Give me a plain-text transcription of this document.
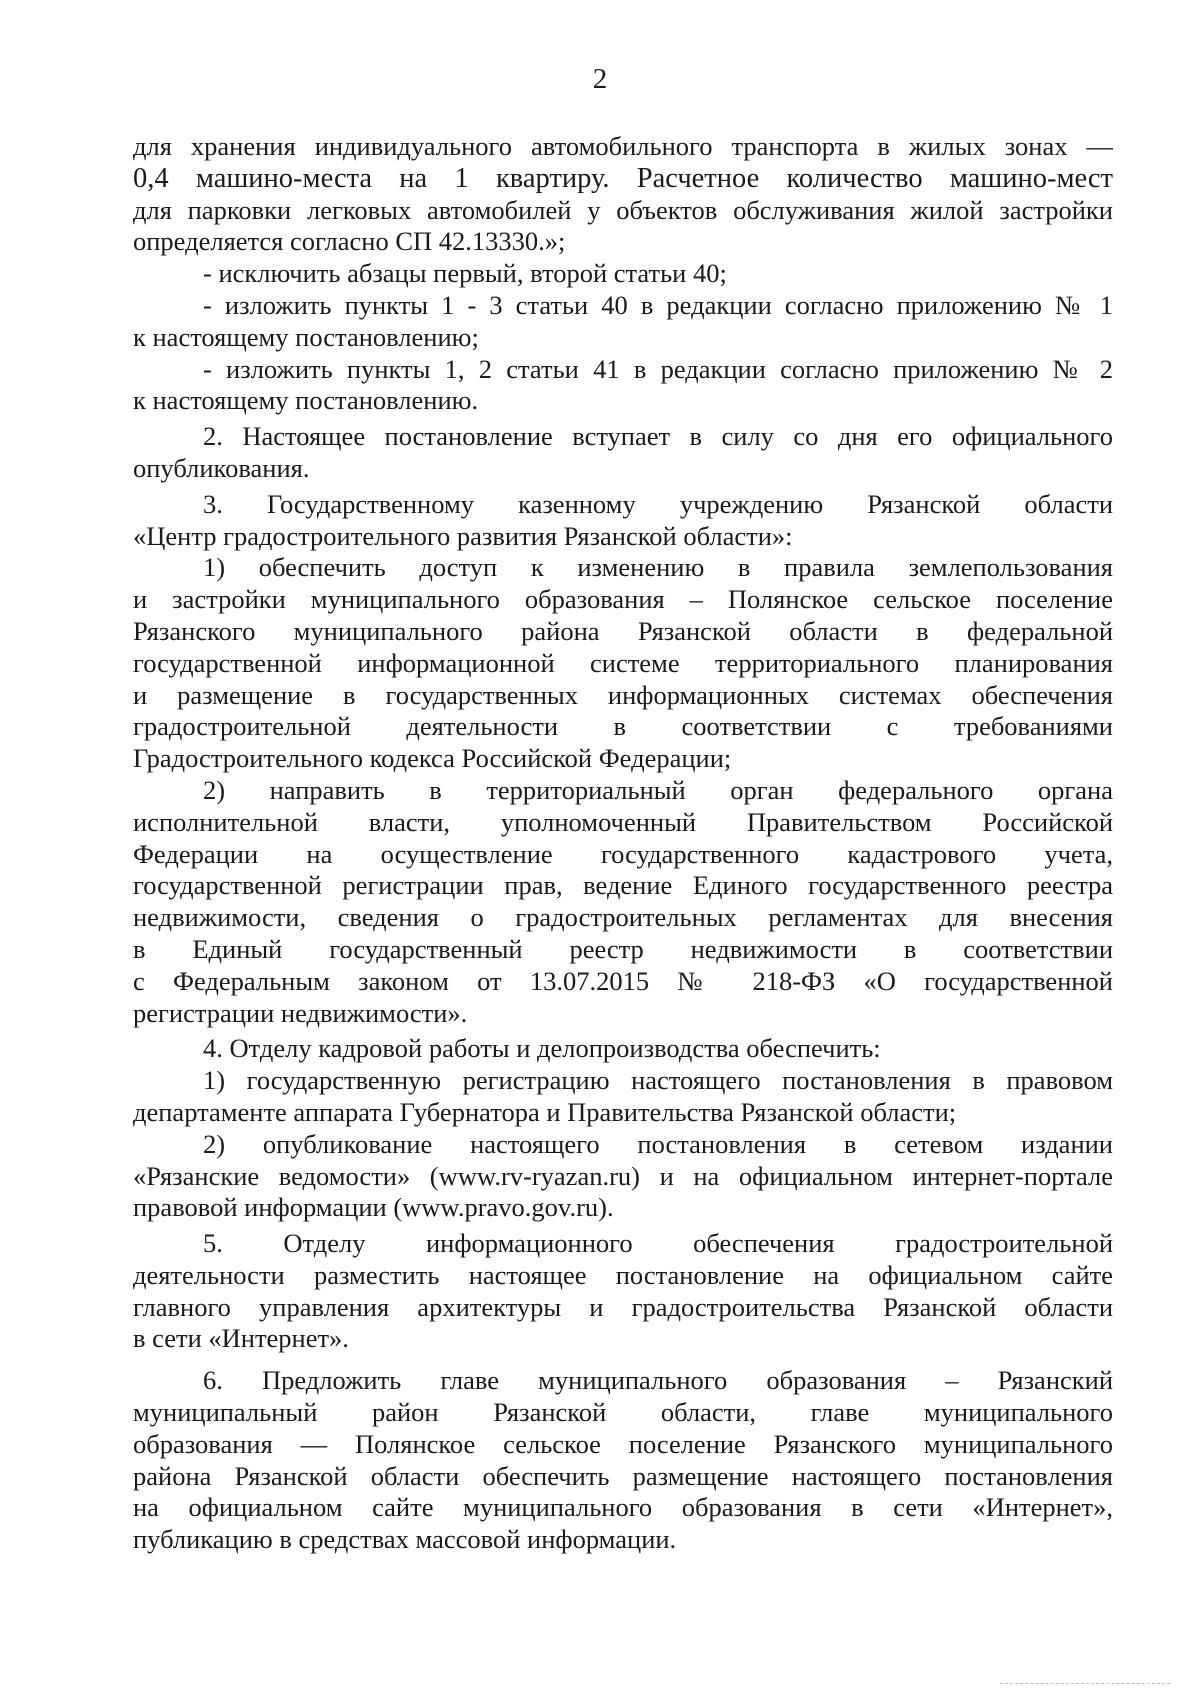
2
для хранения индивидуального автомобильного транспорта в жилых зонах —
0,4 машино-места на 1 квартиру. Расчетное количество машино-мест
для парковки легковых автомобилей у объектов обслуживания жилой застройки
определяется согласно СП 42.13330.»;
- исключить абзацы первый, второй статьи 40;
- изложить пункты 1 - 3 статьи 40 в редакции согласно приложению № 1
к настоящему постановлению;
- изложить пункты 1, 2 статьи 41 в редакции согласно приложению № 2
к настоящему постановлению.
2. Настоящее постановление вступает в силу со дня его официального
опубликования.
3. Государственному казенному учреждению Рязанской области
«Центр градостроительного развития Рязанской области»:
1) обеспечить доступ к изменению в правила землепользования
и застройки муниципального образования – Полянское сельское поселение
Рязанского муниципального района Рязанской области в федеральной
государственной информационной системе территориального планирования
и размещение в государственных информационных системах обеспечения
градостроительной деятельности в соответствии с требованиями
Градостроительного кодекса Российской Федерации;
2) направить в территориальный орган федерального органа
исполнительной власти, уполномоченный Правительством Российской
Федерации на осуществление государственного кадастрового учета,
государственной регистрации прав, ведение Единого государственного реестра
недвижимости, сведения о градостроительных регламентах для внесения
в Единый государственный реестр недвижимости в соответствии
с Федеральным законом от 13.07.2015 № 218-ФЗ «О государственной
регистрации недвижимости».
4. Отделу кадровой работы и делопроизводства обеспечить:
1) государственную регистрацию настоящего постановления в правовом
департаменте аппарата Губернатора и Правительства Рязанской области;
2) опубликование настоящего постановления в сетевом издании
«Рязанские ведомости» (www.rv-ryazan.ru) и на официальном интернет-портале
правовой информации (www.pravo.gov.ru).
5. Отделу информационного обеспечения градостроительной
деятельности разместить настоящее постановление на официальном сайте
главного управления архитектуры и градостроительства Рязанской области
в сети «Интернет».
6. Предложить главе муниципального образования – Рязанский
муниципальный район Рязанской области, главе муниципального
образования — Полянское сельское поселение Рязанского муниципального
района Рязанской области обеспечить размещение настоящего постановления
на официальном сайте муниципального образования в сети «Интернет»,
публикацию в средствах массовой информации.
